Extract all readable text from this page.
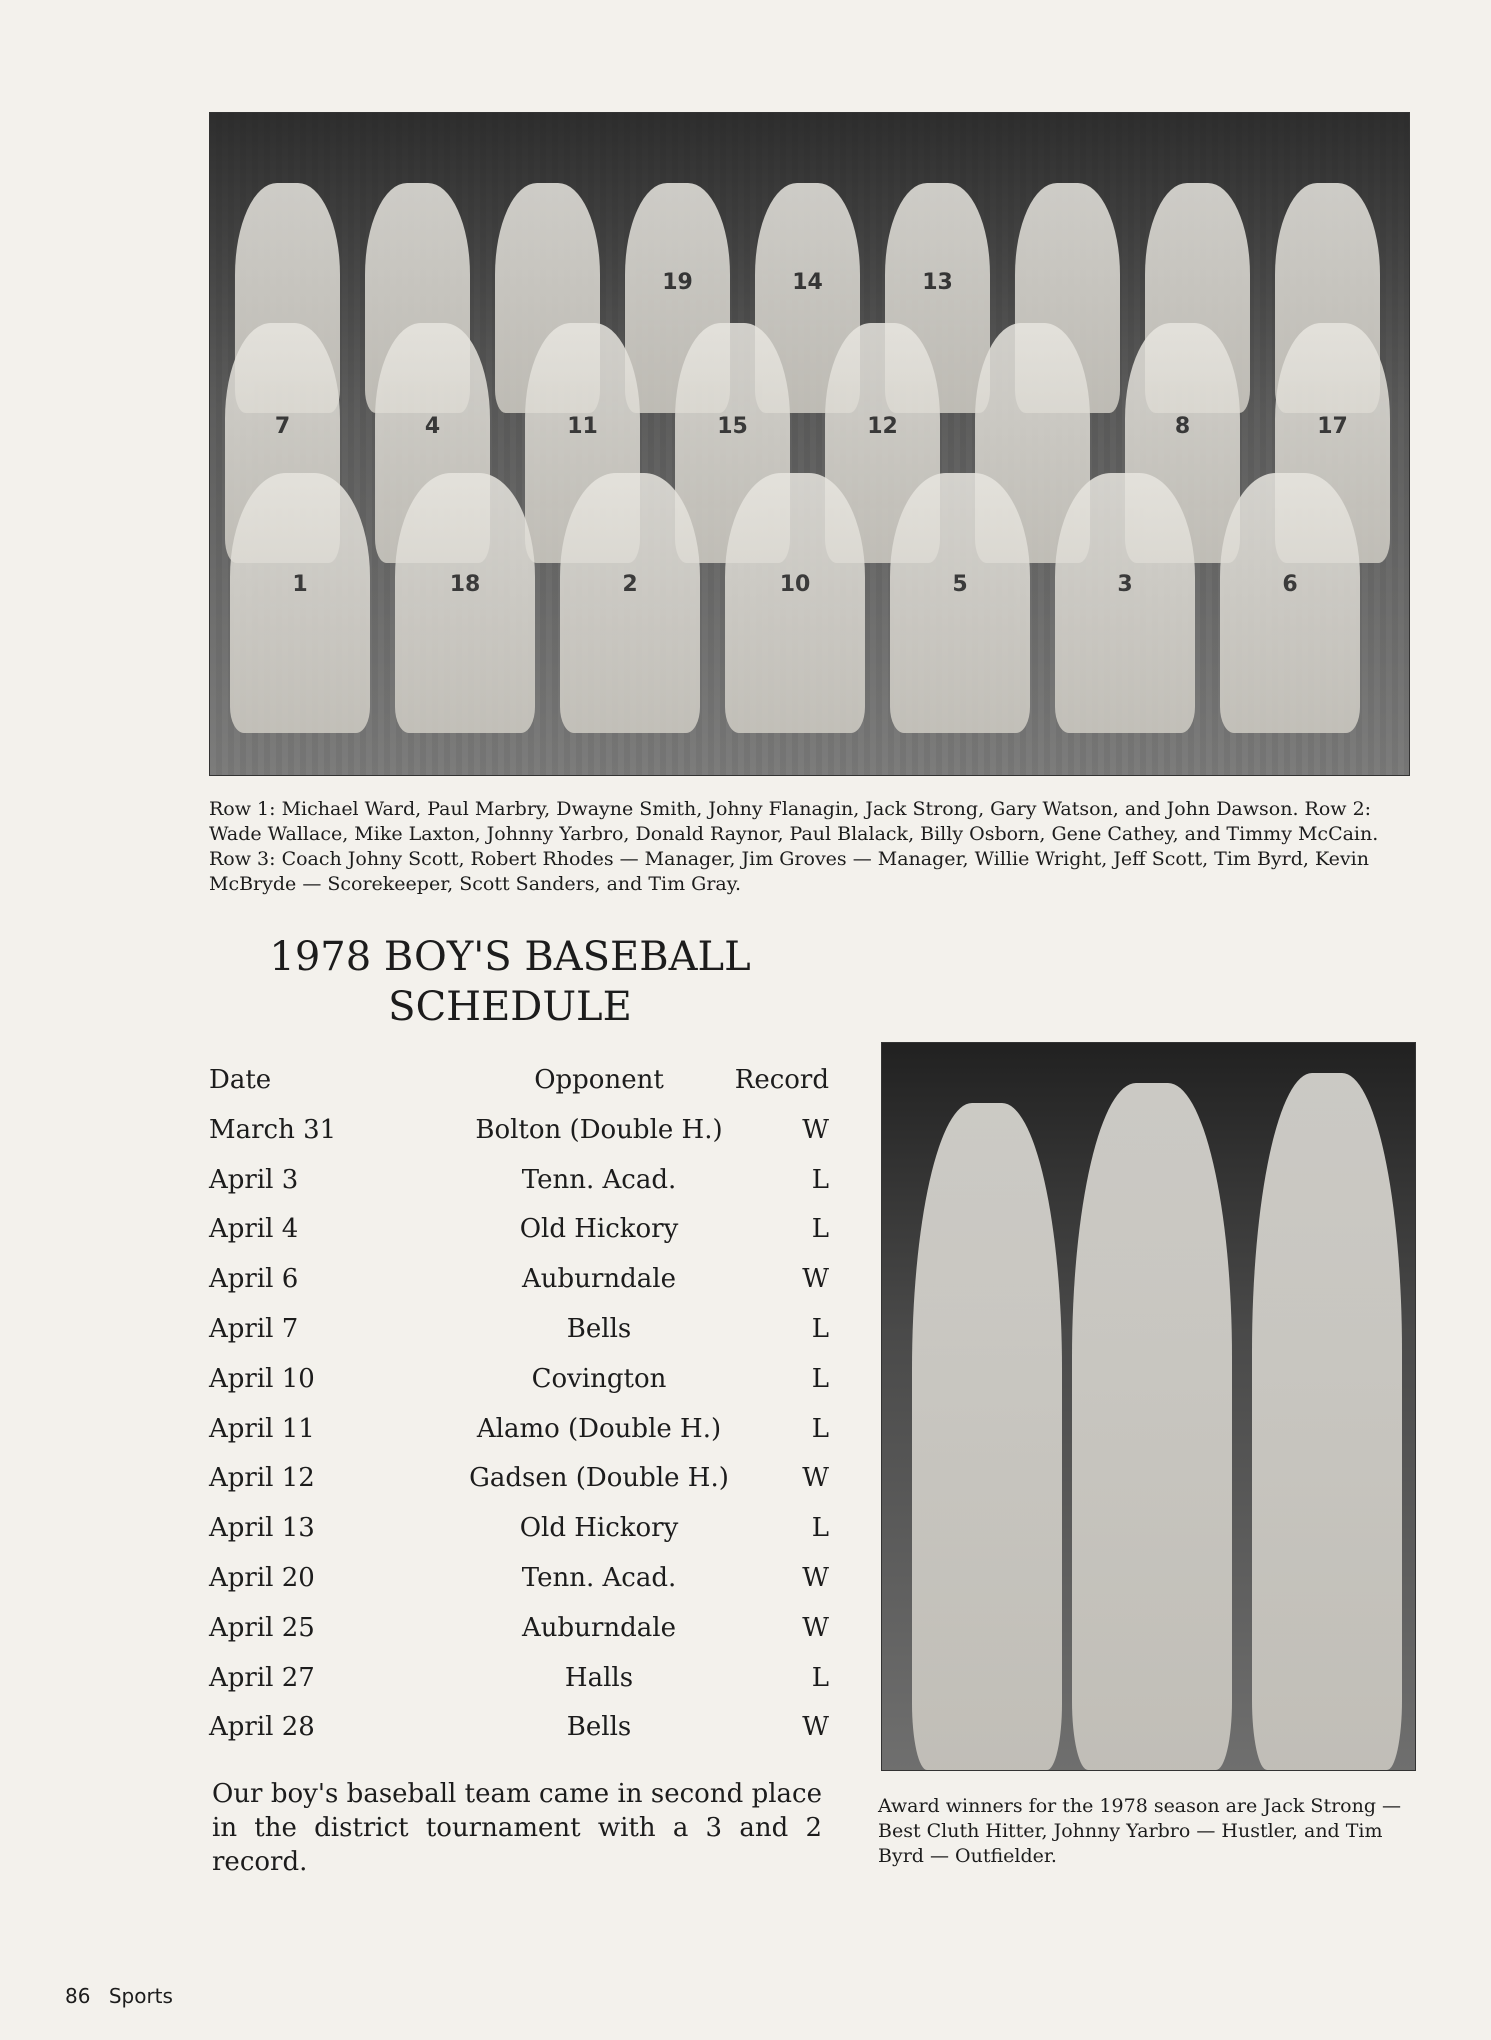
19	14	13
7	4	11	15	12	8	17
1	18	2	10	5	3	6

Row 1: Michael Ward, Paul Marbry, Dwayne Smith, Johny Flanagin, Jack Strong, Gary Watson, and John Dawson. Row 2: Wade Wallace, Mike Laxton, Johnny Yarbro, Donald Raynor, Paul Blalack, Billy Osborn, Gene Cathey, and Timmy McCain. Row 3: Coach Johny Scott, Robert Rhodes — Manager, Jim Groves — Manager, Willie Wright, Jeff Scott, Tim Byrd, Kevin McBryde — Scorekeeper, Scott Sanders, and Tim Gray.

1978 BOY'S BASEBALL
SCHEDULE
Date	Opponent	Record
March 31	Bolton (Double H.)	W
April 3	Tenn. Acad.	L
April 4	Old Hickory	L
April 6	Auburndale	W
April 7	Bells	L
April 10	Covington	L
April 11	Alamo (Double H.)	L
April 12	Gadsen (Double H.)	W
April 13	Old Hickory	L
April 20	Tenn. Acad.	W
April 25	Auburndale	W
April 27	Halls	L
April 28	Bells	W

Our boy's baseball team came in second place in the district tournament with a 3 and 2 record.

Award winners for the 1978 season are Jack Strong — Best Cluth Hitter, Johnny Yarbro — Hustler, and Tim Byrd — Outfielder.

86 Sports
